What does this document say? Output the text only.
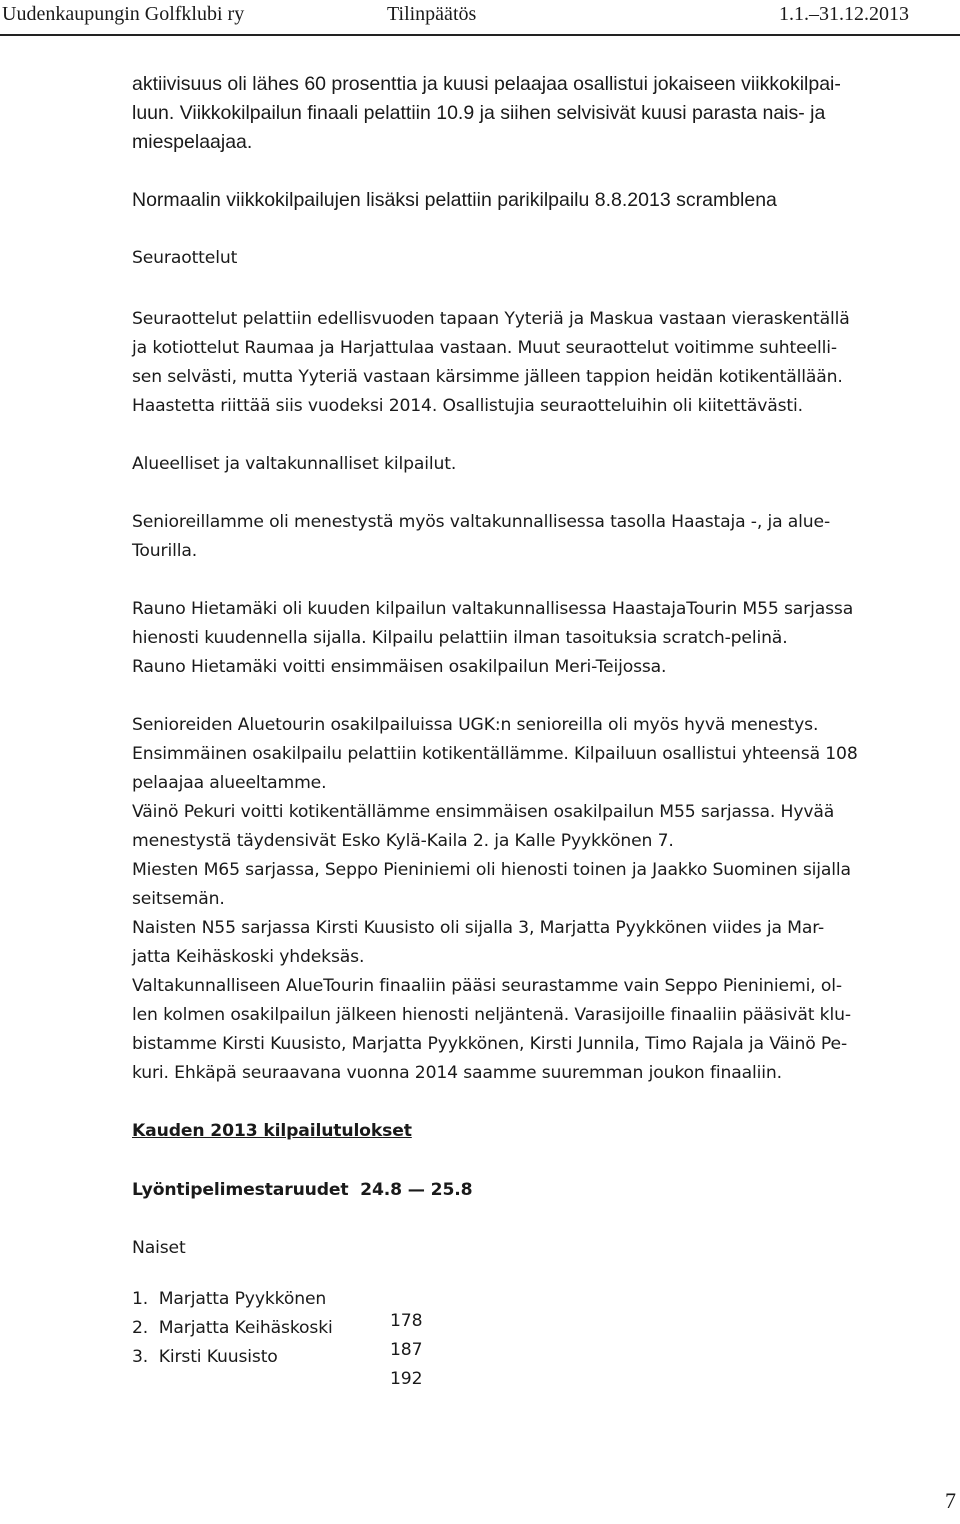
Uudenkaupungin Golfklubi ry	Tilinpäätös	1.1.–31.12.2013
aktiivisuus oli lähes 60 prosenttia ja kuusi pelaajaa osallistui jokaiseen viikkokilpai-
luun. Viikkokilpailun finaali pelattiin 10.9 ja siihen selvisivät kuusi parasta nais- ja
miespelaajaa.
Normaalin viikkokilpailujen lisäksi pelattiin parikilpailu 8.8.2013 scramblena
Seuraottelut
Seuraottelut pelattiin edellisvuoden tapaan Yyteriä ja Maskua vastaan vieraskentällä
ja kotiottelut Raumaa ja Harjattulaa vastaan. Muut seuraottelut voitimme suhteelli-
sen selvästi, mutta Yyteriä vastaan kärsimme jälleen tappion heidän kotikentällään.
Haastetta riittää siis vuodeksi 2014. Osallistujia seuraotteluihin oli kiitettävästi.
Alueelliset ja valtakunnalliset kilpailut.
Senioreillamme oli menestystä myös valtakunnallisessa tasolla Haastaja -, ja alue-
Tourilla.
Rauno Hietamäki oli kuuden kilpailun valtakunnallisessa HaastajaTourin M55 sarjassa
hienosti kuudennella sijalla. Kilpailu pelattiin ilman tasoituksia scratch-pelinä.
Rauno Hietamäki voitti ensimmäisen osakilpailun Meri-Teijossa.
Senioreiden Aluetourin osakilpailuissa UGK:n senioreilla oli myös hyvä menestys.
Ensimmäinen osakilpailu pelattiin kotikentällämme. Kilpailuun osallistui yhteensä 108
pelaajaa alueeltamme.
Väinö Pekuri voitti kotikentällämme ensimmäisen osakilpailun M55 sarjassa. Hyvää
menestystä täydensivät Esko Kylä-Kaila 2. ja Kalle Pyykkönen 7.
Miesten M65 sarjassa, Seppo Pieniniemi oli hienosti toinen ja Jaakko Suominen sijalla
seitsemän.
Naisten N55 sarjassa Kirsti Kuusisto oli sijalla 3, Marjatta Pyykkönen viides ja Mar-
jatta Keihäskoski yhdeksäs.
Valtakunnalliseen AlueTourin finaaliin pääsi seurastamme vain Seppo Pieniniemi, ol-
len kolmen osakilpailun jälkeen hienosti neljäntenä. Varasijoille finaaliin pääsivät klu-
bistamme Kirsti Kuusisto, Marjatta Pyykkönen, Kirsti Junnila, Timo Rajala ja Väinö Pe-
kuri. Ehkäpä seuraavana vuonna 2014 saamme suuremman joukon finaaliin.
Kauden 2013 kilpailutulokset
Lyöntipelimestaruudet  24.8 — 25.8
Naiset

1.  Marjatta Pyykkönen

178

2.  Marjatta Keihäskoski

187

3.  Kirsti Kuusisto

192

7
